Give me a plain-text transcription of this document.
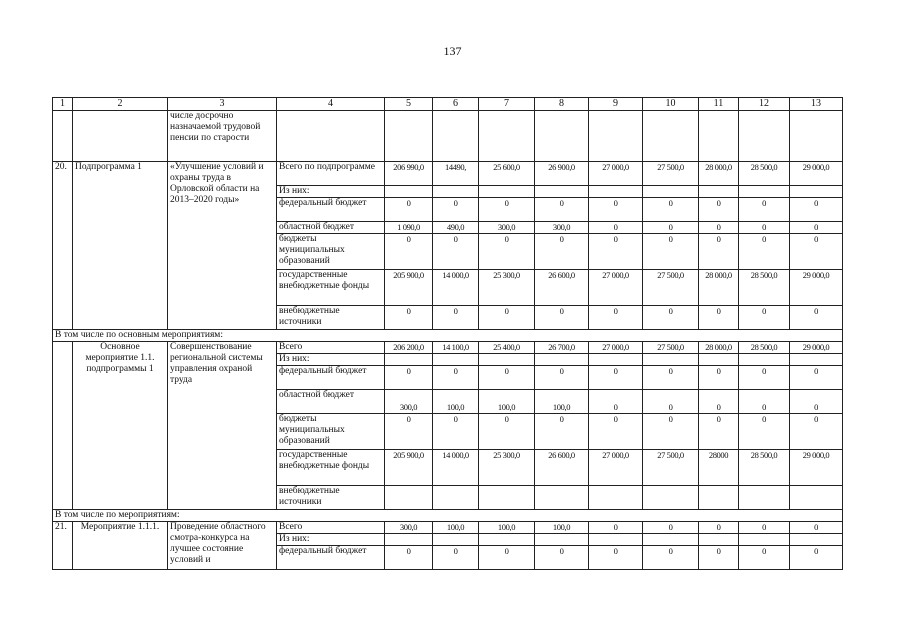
137
1	2	3	4	5	6	7	8	9	10	11	12	13
		числе досрочно назначаемой трудовой пенсии по старости										
20.	Подпрограмма 1	«Улучшение условий и охраны труда в Орловской области на 2013–2020 годы»	Всего по подпрограмме	206 990,0	14490,	25 600,0	26 900,0	27 000,0	27 500,0	28 000,0	28 500,0	29 000,0
			Из них:									
			федеральный бюджет	0	0	0	0	0	0	0	0	0
			областной бюджет	1 090,0	490,0	300,0	300,0	0	0	0	0	0
			бюджеты муниципальных образований	0	0	0	0	0	0	0	0	0
			государственные внебюджетные фонды	205 900,0	14 000,0	25 300,0	26 600,0	27 000,0	27 500,0	28 000,0	28 500,0	29 000,0
			внебюджетные источники	0	0	0	0	0	0	0	0	0
В том числе по основным мероприятиям:												
	Основное мероприятие 1.1. подпрограммы 1	Совершенствование региональной системы управления охраной труда	Всего	206 200,0	14 100,0	25 400,0	26 700,0	27 000,0	27 500,0	28 000,0	28 500,0	29 000,0
			Из них:									
			федеральный бюджет	0	0	0	0	0	0	0	0	0
			областной бюджет	300,0	100,0	100,0	100,0	0	0	0	0	0
			бюджеты муниципальных образований	0	0	0	0	0	0	0	0	0
			государственные внебюджетные фонды	205 900,0	14 000,0	25 300,0	26 600,0	27 000,0	27 500,0	28000	28 500,0	29 000,0
			внебюджетные источники									
В том числе по мероприятиям:												
21.	Мероприятие 1.1.1.	Проведение областного смотра-конкурса на лучшее состояние условий и	Всего	300,0	100,0	100,0	100,0	0	0	0	0	0
			Из них:									
			федеральный бюджет	0	0	0	0	0	0	0	0	0
